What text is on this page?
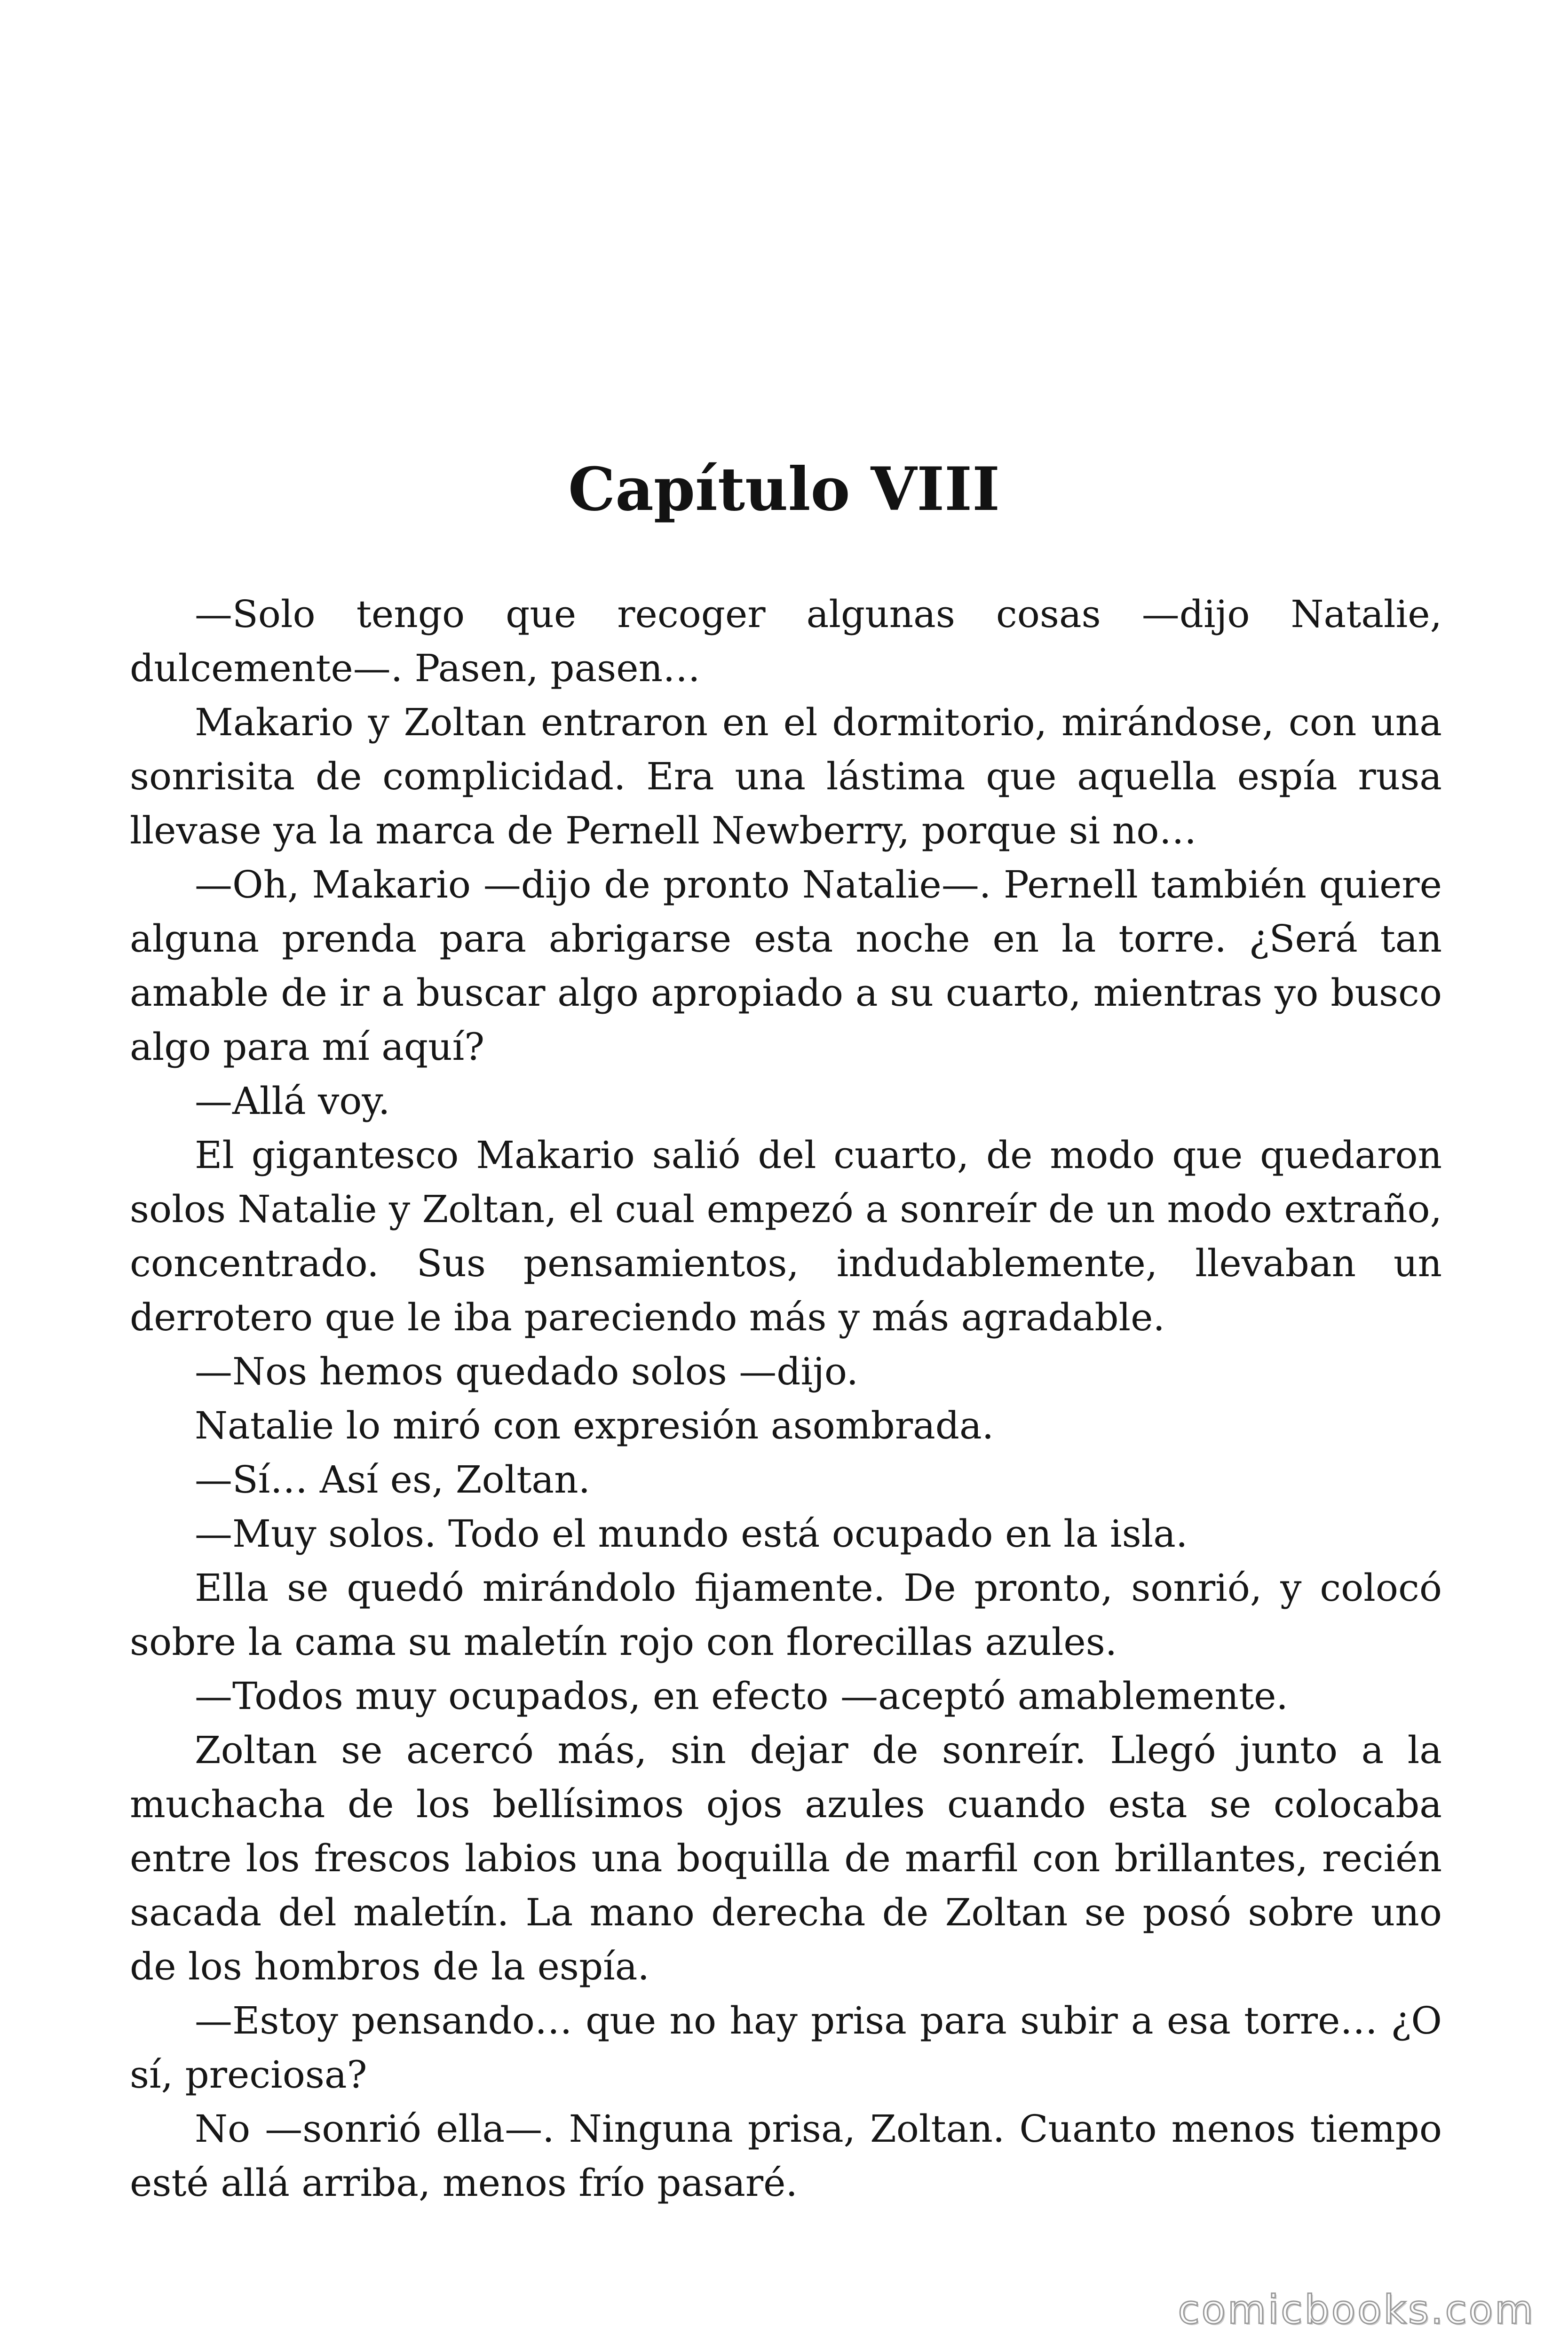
Capítulo VIII

—Solo tengo que recoger algunas cosas —dijo Natalie, dulcemente—. Pasen, pasen…

Makario y Zoltan entraron en el dormitorio, mirándose, con una sonrisita de complicidad. Era una lástima que aquella espía rusa llevase ya la marca de Pernell Newberry, porque si no…

—Oh, Makario —dijo de pronto Natalie—. Pernell también quiere alguna prenda para abrigarse esta noche en la torre. ¿Será tan amable de ir a buscar algo apropiado a su cuarto, mientras yo busco algo para mí aquí?

—Allá voy.

El gigantesco Makario salió del cuarto, de modo que quedaron solos Natalie y Zoltan, el cual empezó a sonreír de un modo extraño, concentrado. Sus pensamientos, indudablemente, llevaban un derrotero que le iba pareciendo más y más agradable.

—Nos hemos quedado solos —dijo.

Natalie lo miró con expresión asombrada.

—Sí… Así es, Zoltan.

—Muy solos. Todo el mundo está ocupado en la isla.

Ella se quedó mirándolo fijamente. De pronto, sonrió, y colocó sobre la cama su maletín rojo con florecillas azules.

—Todos muy ocupados, en efecto —aceptó amablemente.

Zoltan se acercó más, sin dejar de sonreír. Llegó junto a la muchacha de los bellísimos ojos azules cuando esta se colocaba entre los frescos labios una boquilla de marfil con brillantes, recién sacada del maletín. La mano derecha de Zoltan se posó sobre uno de los hombros de la espía.

—Estoy pensando… que no hay prisa para subir a esa torre… ¿O sí, preciosa?

No —sonrió ella—. Ninguna prisa, Zoltan. Cuanto menos tiempo esté allá arriba, menos frío pasaré.

comicbooks.com
